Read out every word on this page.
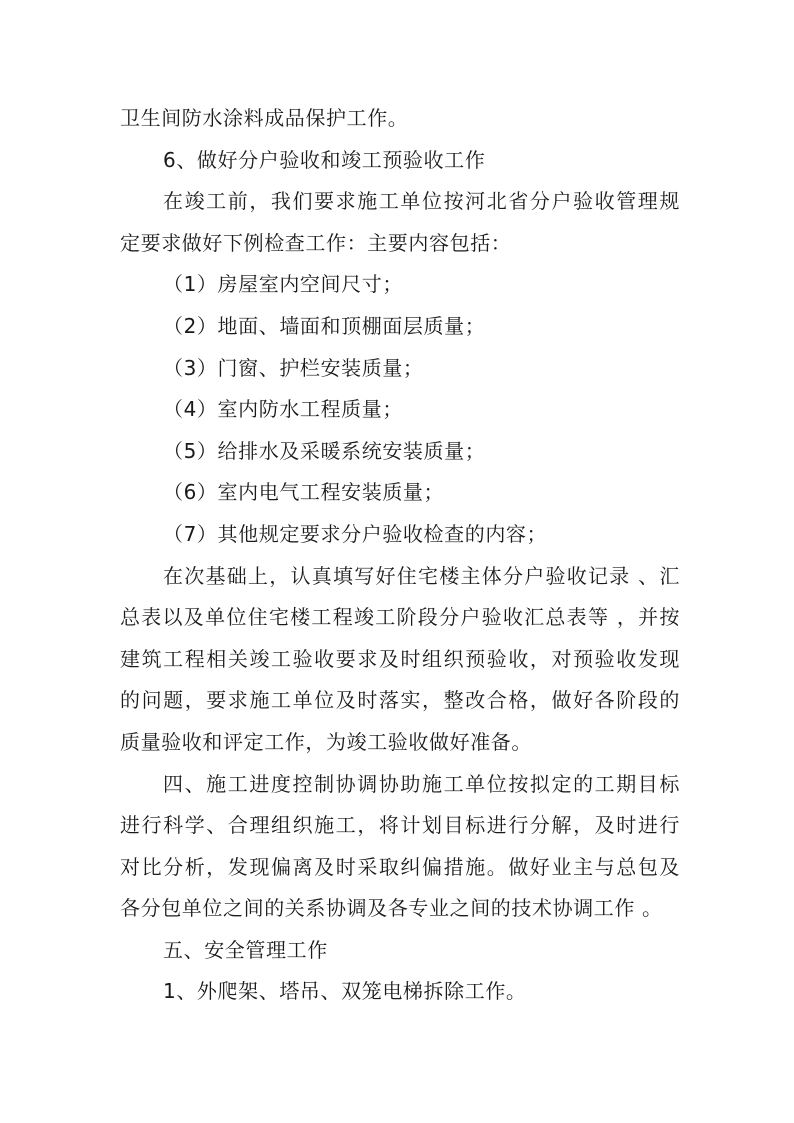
卫生间防水涂料成品保护工作。
6、做好分户验收和竣工预验收工作
在竣工前，我们要求施工单位按河北省分户验收管理规
定要求做好下例检查工作：主要内容包括：
（1）房屋室内空间尺寸；
（2）地面、墙面和顶棚面层质量；
（3）门窗、护栏安装质量；
（4）室内防水工程质量；
（5）给排水及采暖系统安装质量；
（6）室内电气工程安装质量；
（7）其他规定要求分户验收检查的内容；
在次基础上，认真填写好住宅楼主体分户验收记录 、汇
总表以及单位住宅楼工程竣工阶段分户验收汇总表等 ，并按
建筑工程相关竣工验收要求及时组织预验收，对预验收发现
的问题，要求施工单位及时落实，整改合格，做好各阶段的
质量验收和评定工作，为竣工验收做好准备。
四、施工进度控制协调协助施工单位按拟定的工期目标
进行科学、合理组织施工，将计划目标进行分解，及时进行
对比分析，发现偏离及时采取纠偏措施。做好业主与总包及
各分包单位之间的关系协调及各专业之间的技术协调工作 。
五、安全管理工作
1、外爬架、塔吊、双笼电梯拆除工作。
